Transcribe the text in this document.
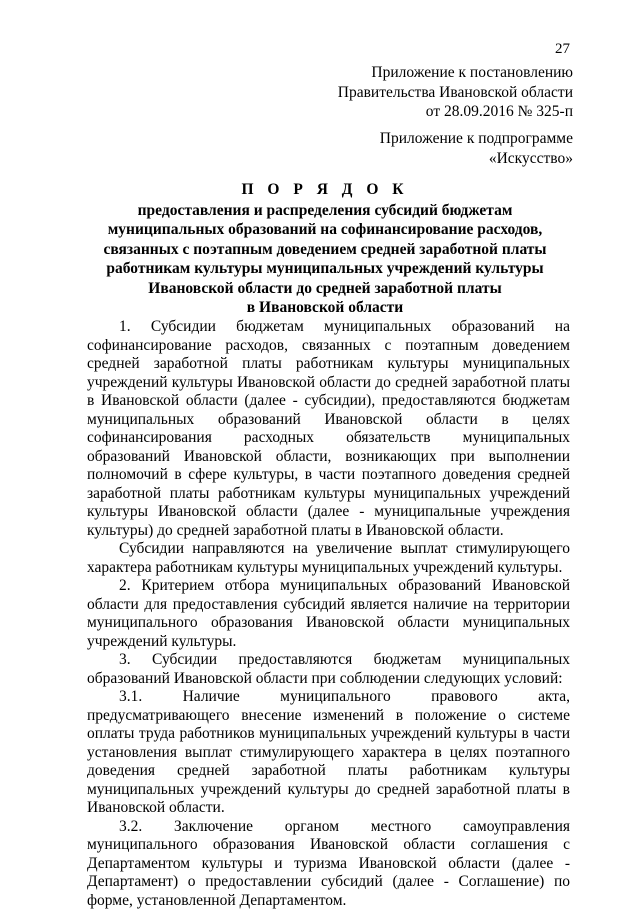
27
Приложение к постановлению
Правительства Ивановской области
от 28.09.2016 № 325-п
Приложение к подпрограмме
«Искусство»
П О Р Я Д О К
предоставления и распределения субсидий бюджетам
муниципальных образований на софинансирование расходов,
связанных с поэтапным доведением средней заработной платы
работникам культуры муниципальных учреждений культуры
Ивановской области до средней заработной платы
в Ивановской области

1. Субсидии бюджетам муниципальных образований на софинансирование расходов, связанных с поэтапным доведением средней заработной платы работникам культуры муниципальных учреждений культуры Ивановской области до средней заработной платы в Ивановской области (далее - субсидии), предоставляются бюджетам муниципальных образований Ивановской области в целях софинансирования расходных обязательств муниципальных образований Ивановской области, возникающих при выполнении полномочий в сфере культуры, в части поэтапного доведения средней заработной платы работникам культуры муниципальных учреждений культуры Ивановской области (далее - муниципальные учреждения культуры) до средней заработной платы в Ивановской области.

Субсидии направляются на увеличение выплат стимулирующего характера работникам культуры муниципальных учреждений культуры.

2. Критерием отбора муниципальных образований Ивановской области для предоставления субсидий является наличие на территории муниципального образования Ивановской области муниципальных учреждений культуры.

3. Субсидии предоставляются бюджетам муниципальных образований Ивановской области при соблюдении следующих условий:

3.1. Наличие муниципального правового акта, предусматривающего внесение изменений в положение о системе оплаты труда работников муниципальных учреждений культуры в части установления выплат стимулирующего характера в целях поэтапного доведения средней заработной платы работникам культуры муниципальных учреждений культуры до средней заработной платы в Ивановской области.

3.2. Заключение органом местного самоуправления муниципального образования Ивановской области соглашения с Департаментом культуры и туризма Ивановской области (далее - Департамент) о предоставлении субсидий (далее - Соглашение) по форме, установленной Департаментом.
